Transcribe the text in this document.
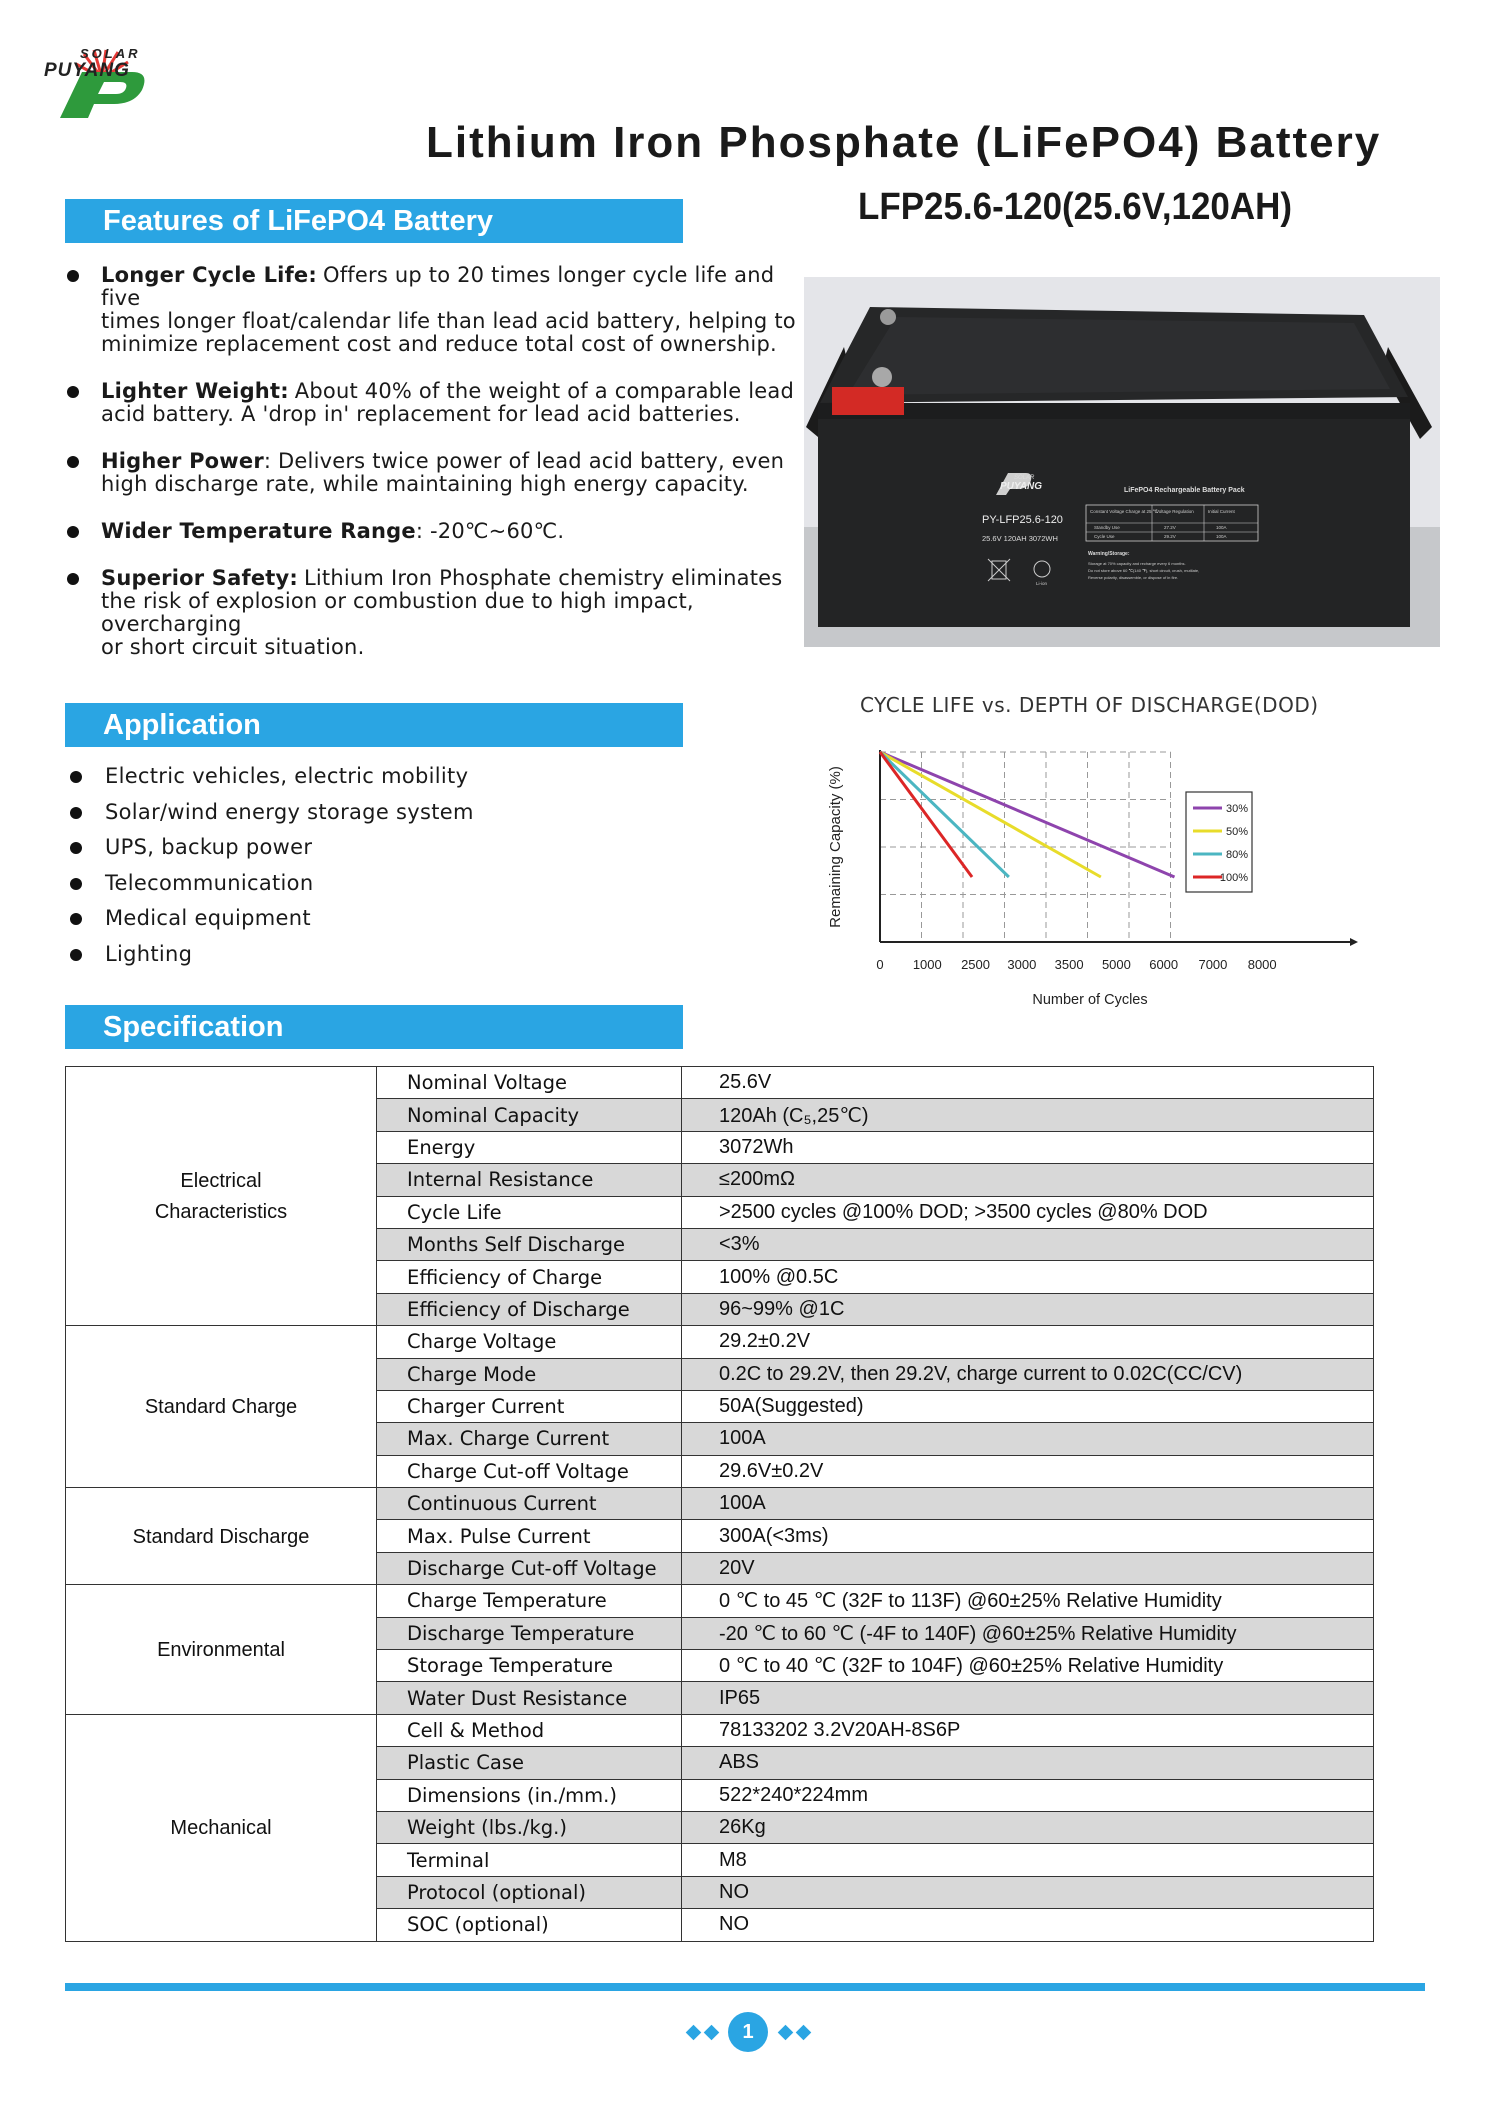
SOLAR
PUYANG
Lithium Iron Phosphate (LiFePO4) Battery
LFP25.6-120(25.6V,120AH)
Features of LiFePO4 Battery
Longer Cycle Life: Offers up to 20 times longer cycle life and five
times longer float/calendar life than lead acid battery, helping to
minimize replacement cost and reduce total cost of ownership.
Lighter Weight: About 40% of the weight of a comparable lead
acid battery. A 'drop in' replacement for lead acid batteries.
Higher Power: Delivers twice power of lead acid battery, even
high discharge rate, while maintaining high energy capacity.
Wider Temperature Range: -20℃~60℃.
Superior Safety: Lithium Iron Phosphate chemistry eliminates
the risk of explosion or combustion due to high impact, overcharging
or short circuit situation.
SOLAR
PUYANG	LiFePO4 Rechargeable Battery Pack
PY-LFP25.6-120
25.6V 120AH 3072WH
Constant Voltage Charge at 25 ℃
Voltage Regulation	Initial Current
Standby Use	27.2V	100A
Cycle Use	29.2V	100A
Warning/Storage:
Storage at 70% capacity and recharge every 6 months.
Do not store above 60 ℃(140 ℉), short circuit, crush, mutilate,
Reverse polarity, disassemble, or dispose of in fire.
Li-ion
Application
Electric vehicles, electric mobility
Solar/wind energy storage system
UPS, backup power
Telecommunication
Medical equipment
Lighting
CYCLE LIFE vs. DEPTH OF DISCHARGE(DOD)
0 1000 2500 3000 3500 5000 6000 7000 8000
Number of Cycles
Remaining Capacity (%)	30%
50%
80%
100%
Specification
Electrical
Characteristics	Nominal Voltage	25.6V
	Nominal Capacity	120Ah (C₅,25℃)
	Energy	3072Wh
	Internal Resistance	≤200mΩ
	Cycle Life	>2500 cycles @100% DOD; >3500 cycles @80% DOD
	Months Self Discharge	<3%
	Efficiency of Charge	100% @0.5C
	Efficiency of Discharge	96~99% @1C
Standard Charge	Charge Voltage	29.2±0.2V
	Charge Mode	0.2C to 29.2V, then 29.2V, charge current to 0.02C(CC/CV)
	Charger Current	50A(Suggested)
	Max. Charge Current	100A
	Charge Cut-off Voltage	29.6V±0.2V
Standard Discharge	Continuous Current	100A
	Max. Pulse Current	300A(<3ms)
	Discharge Cut-off Voltage	20V
Environmental	Charge Temperature	0 ℃ to 45 ℃ (32F to 113F) @60±25% Relative Humidity
	Discharge Temperature	-20 ℃ to 60 ℃ (-4F to 140F) @60±25% Relative Humidity
	Storage Temperature	0 ℃ to 40 ℃ (32F to 104F) @60±25% Relative Humidity
	Water Dust Resistance	IP65
Mechanical	Cell & Method	78133202 3.2V20AH-8S6P
	Plastic Case	ABS
	Dimensions (in./mm.)	522*240*224mm
	Weight (lbs./kg.)	26Kg
	Terminal	M8
	Protocol (optional)	NO
	SOC (optional)	NO
1
